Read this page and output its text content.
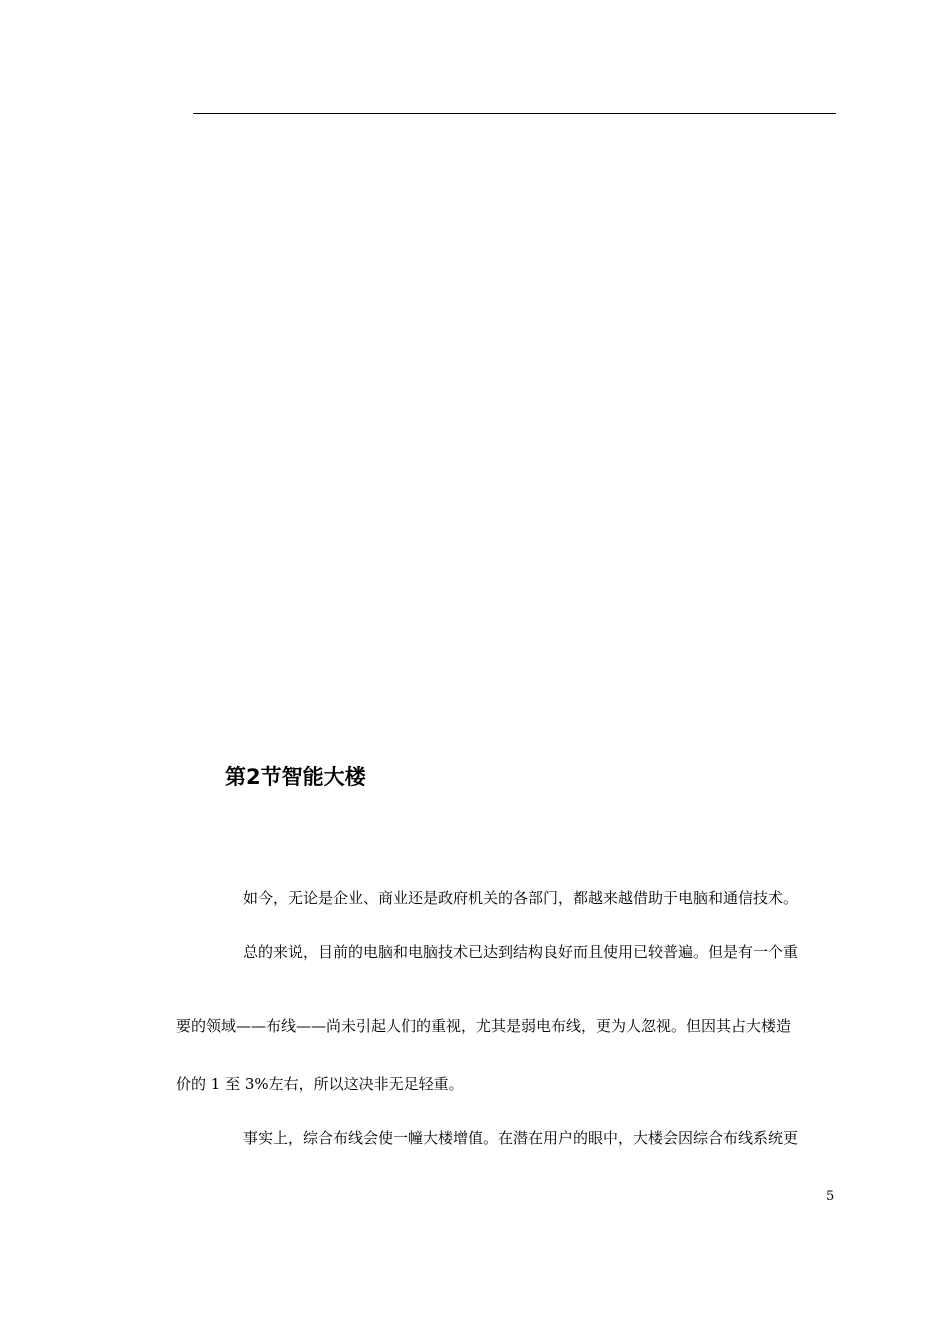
第2节智能大楼
如今，无论是企业、商业还是政府机关的各部门，都越来越借助于电脑和通信技术。
总的来说，目前的电脑和电脑技术已达到结构良好而且使用已较普遍。但是有一个重
要的领域——布线——尚未引起人们的重视，尤其是弱电布线，更为人忽视。但因其占大楼造
价的 1 至 3%左右，所以这决非无足轻重。
事实上，综合布线会使一幢大楼增值。在潜在用户的眼中，大楼会因综合布线系统更
5
